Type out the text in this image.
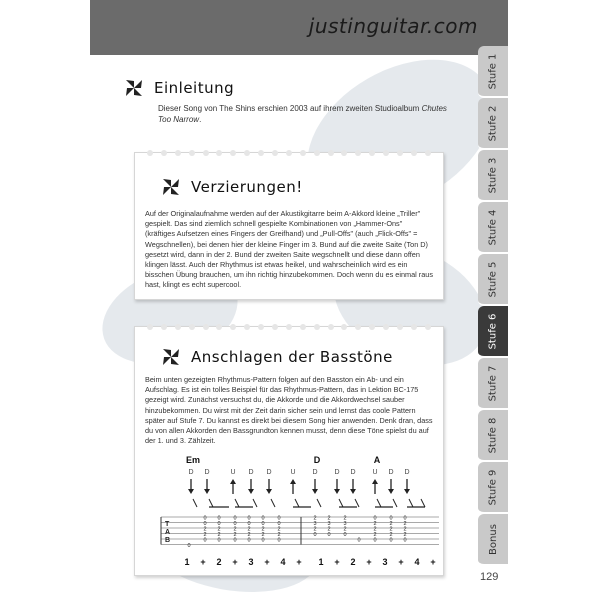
justinguitar.com
Stufe 1
Stufe 2
Stufe 3
Stufe 4
Stufe 5
Stufe 6
Stufe 7
Stufe 8
Stufe 9
Bonus
Einleitung
Dieser Song von The Shins erschien 2003 auf ihrem zweiten Studioalbum Chutes Too Narrow.
Verzierungen!
Auf der Originalaufnahme werden auf der Akustikgitarre beim A-Akkord kleine „Triller" gespielt. Das sind ziemlich schnell gespielte Kombinationen von „Hammer-Ons" (kräftiges Aufsetzen eines Fingers der Greifhand) und „Pull-Offs" (auch „Flick-Offs" = Wegschnellen), bei denen hier der kleine Finger im 3. Bund auf die zweite Saite (Ton D) gesetzt wird, dann in der 2. Bund der zweiten Saite wegschnellt und diese dann offen klingen lässt. Auch der Rhythmus ist etwas heikel, und wahrscheinlich wird es ein bisschen Übung brauchen, um ihn richtig hinzubekommen. Doch wenn du es einmal raus hast, klingt es echt supercool.
Anschlagen der Basstöne
Beim unten gezeigten Rhythmus-Pattern folgen auf den Basston ein Ab- und ein Aufschlag. Es ist ein tolles Beispiel für das Rhythmus-Pattern, das in Lektion BC-175 gezeigt wird. Zunächst versuchst du, die Akkorde und die Akkordwechsel sauber hinzubekommen. Du wirst mit der Zeit darin sicher sein und lernst das coole Pattern später auf Stufe 7. Du kannst es direkt bei diesem Song hier anwenden. Denk dran, dass du von allen Akkorden den Bassgrundton kennen musst, denn diese Töne spielst du auf der 1. und 3. Zählzeit.
Em	D	A
D D	U D D	U D D D U D D
T
A
B
0
0
0
2
2
0
0
0
2
2
0
0
0
2
2
0
0
0
2
2
0
0
0
2
2
0
0
0
2
2
0
2
3
2
0
2
3
2
0
2
3
2
0
0
0
2
2
2
0
0
2
2
2
0
0
2
2
2
0
1 + 2 + 3 + 4 + 1 + 2 + 3 + 4 +
129
